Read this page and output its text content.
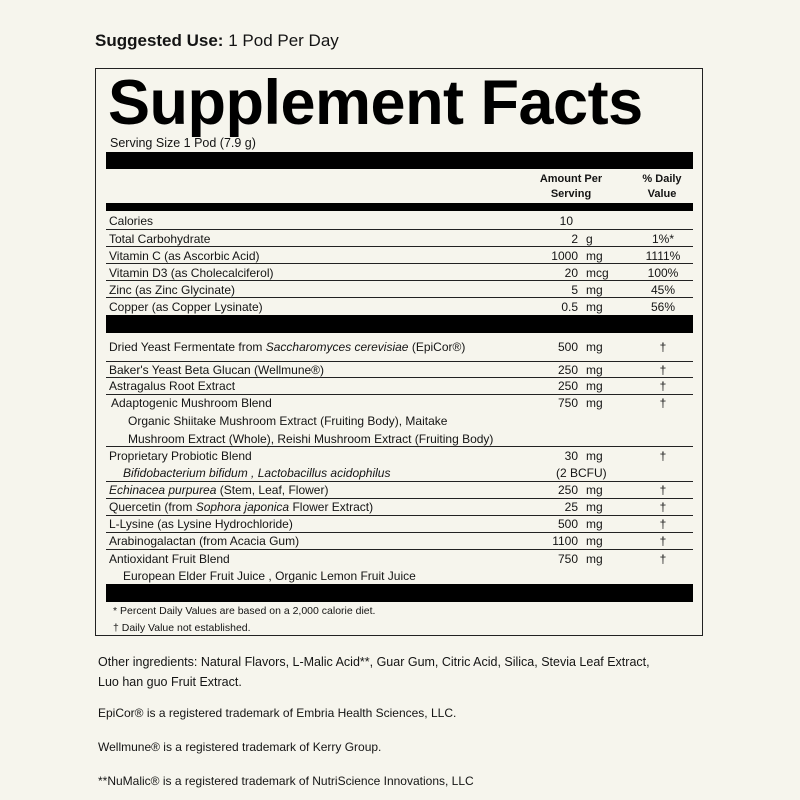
Suggested Use: 1 Pod Per Day
Supplement Facts
Serving Size 1 Pod (7.9 g)
Amount Per
Serving
% Daily
Value
Calories	10
Total Carbohydrate	2 g	1%*
Vitamin C (as Ascorbic Acid)	1000 mg	1111%
Vitamin D3 (as Cholecalciferol)	20 mcg	100%
Zinc (as Zinc Glycinate)	5 mg	45%
Copper (as Copper Lysinate)	0.5 mg	56%
Dried Yeast Fermentate from Saccharomyces cerevisiae (EpiCor®)	500 mg	†
Baker's Yeast Beta Glucan (Wellmune®)	250 mg	†
Astragalus Root Extract	250 mg	†
Adaptogenic Mushroom Blend	750 mg	†
Organic Shiitake Mushroom Extract (Fruiting Body), Maitake
Mushroom Extract (Whole), Reishi Mushroom Extract (Fruiting Body)
Proprietary Probiotic Blend	30 mg	†
Bifidobacterium bifidum , Lactobacillus acidophilus	(2 BCFU)
Echinacea purpurea (Stem, Leaf, Flower)	250 mg	†
Quercetin (from Sophora japonica Flower Extract)	25 mg	†
L-Lysine (as Lysine Hydrochloride)	500 mg	†
Arabinogalactan (from Acacia Gum)	1100 mg	†
Antioxidant Fruit Blend	750 mg	†
European Elder Fruit Juice , Organic Lemon Fruit Juice
* Percent Daily Values are based on a 2,000 calorie diet.
† Daily Value not established.
Other ingredients: Natural Flavors, L-Malic Acid**, Guar Gum, Citric Acid, Silica, Stevia Leaf Extract, Luo han guo Fruit Extract.
EpiCor® is a registered trademark of Embria Health Sciences, LLC.
Wellmune® is a registered trademark of Kerry Group.
**NuMalic® is a registered trademark of NutriScience Innovations, LLC
